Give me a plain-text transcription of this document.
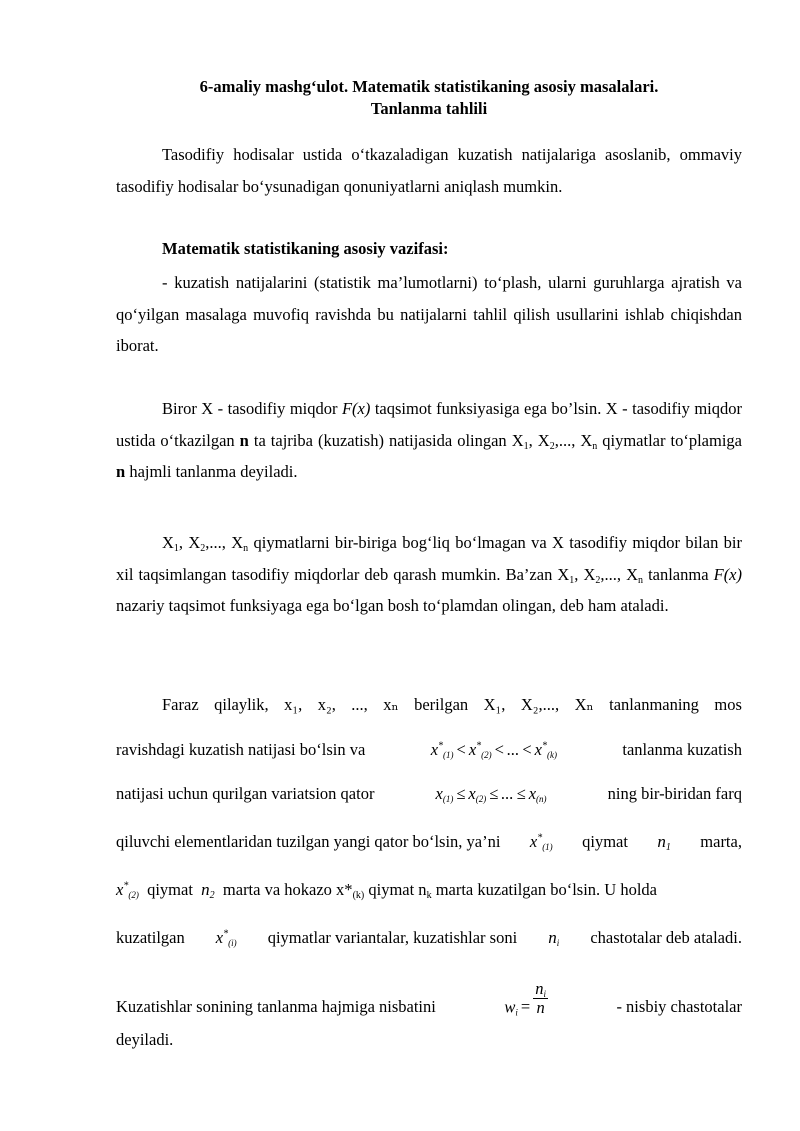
6-amaliy mashg‘ulot. Matematik statistikaning asosiy masalalari.
Tanlanma tahlili
Tasodifiy hodisalar ustida o‘tkazaladigan kuzatish natijalariga asoslanib, ommaviy tasodifiy hodisalar bo‘ysunadigan qonuniyatlarni aniqlash mumkin.
Matematik statistikaning asosiy vazifasi:
- kuzatish natijalarini (statistik ma’lumotlarni) to‘plash, ularni guruhlarga ajratish va qo‘yilgan masalaga muvofiq ravishda bu natijalarni tahlil qilish usullarini ishlab chiqishdan iborat.
Biror X - tasodifiy miqdor F(x) taqsimot funksiyasiga ega bo’lsin. X - tasodifiy miqdor ustida o‘tkazilgan n ta tajriba (kuzatish) natijasida olingan $X_1$, $X_2$,..., $X_n$ qiymatlar to‘plamiga n hajmli tanlanma deyiladi.
$X_1$, $X_2$,..., $X_n$ qiymatlarni bir-biriga bog‘liq bo‘lmagan va X tasodifiy miqdor bilan bir xil taqsimlangan tasodifiy miqdorlar deb qarash mumkin. Ba’zan $X_1$, $X_2$,..., $X_n$ tanlanma F(x) nazariy taqsimot funksiyaga ega bo‘lgan bosh to‘plamdan olingan, deb ham ataladi.
Faraz qilaylik, x₁, x₂, ..., xₙ berilgan X₁, X₂,..., Xₙ tanlanmaning mos
ravishdagi kuzatish natijasi bo‘lsin va	$x^*_{(1)} < x^*_{(2)}$ < ... < $x^*_{(k)}$	tanlanma kuzatish
natijasi uchun qurilgan variatsion qator	$x_{(1)} \le x_{(2)}$ ≤ ... ≤ $x_{(n)}$	ning bir-biridan farq
qiluvchi elementlaridan tuzilgan yangi qator bo‘lsin, ya’ni $x^*_{(1)}$ qiymat $n_1$ marta,
$x^*_{(2)}$ qiymat $n_2$ marta va hokazo $x*_{(k)}$ qiymat $n_k$ marta kuzatilgan bo‘lsin. U holda
kuzatilgan $x^*_{(i)}$ qiymatlar variantalar, kuzatishlar soni $n_i$ chastotalar deb ataladi.
Kuzatishlar sonining tanlanma hajmiga nisbatini	$w_i = \frac{n_i}{n}$	- nisbiy chastotalar
deyiladi.
